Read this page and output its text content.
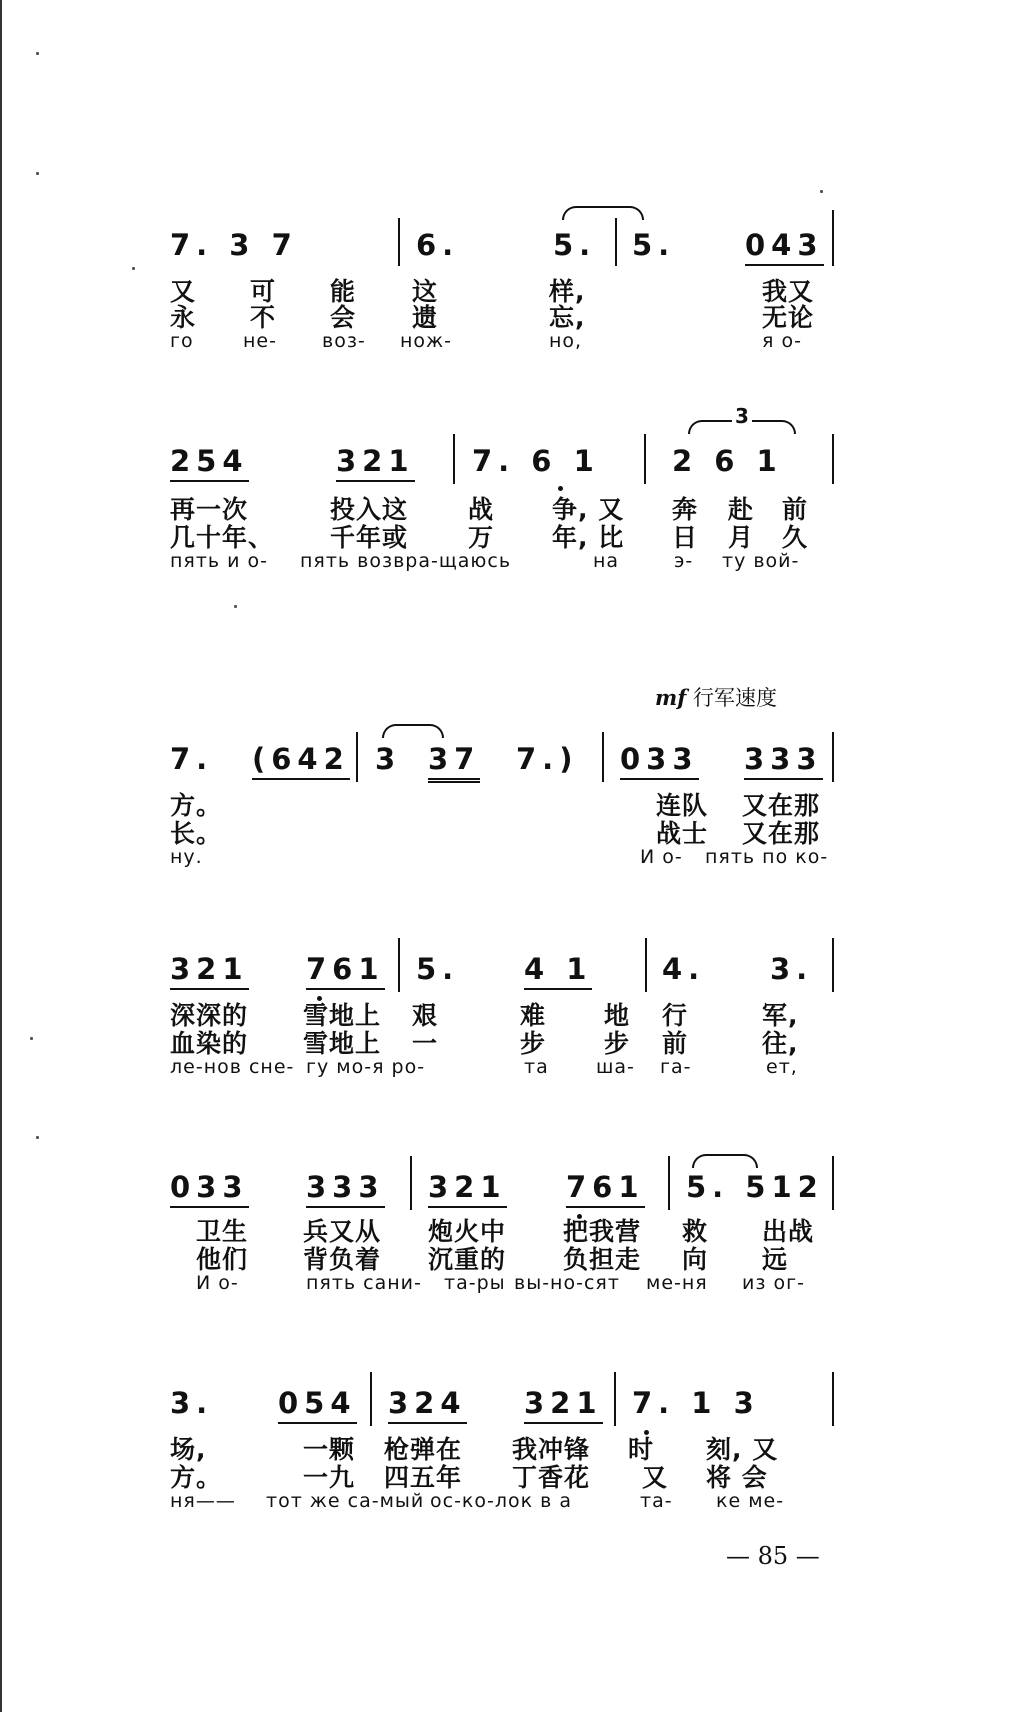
7. 3 7	6.	5. 5. 043
又 可 能 这	样,	我又
永 不 会 遗	忘,	无论
го	не- воз- нож-	но,	я о-
3
254	321 7. 6 1 2 6 1
再一次	投入这 战 争, 又 奔 赴 前
几十年、 千年或 万 年, 比 日 月 久
пять и о- пять возвра-щаюсь	на	э- ту вой-
mf 行军速度
7. (642 3 37 7.) 033 333
方。	连队 又在那
长。	战士 又在那
ну.	И о- пять по ко-
321 761 5. 4 1 4. 3.
深深的 雪地上 艰	难 地 行	军,
血染的 雪地上 一	步 步 前	往,
ле-нов сне- гу мо-я ро-	та ша- га-	ет,
033 333 321 761 5. 512
卫生 兵又从 炮火中 把我营 救 出战
他们 背负着 沉重的 负担走 向 远
И о-	пять сани- та-ры вы-но-сят ме-ня из ог-
3. 054 324 321 7. 1 3
场,	一颗 枪弹在 我冲锋 时 刻, 又
方。	一九 四五年 丁香花 又 将 会
ня—— тот же са-мый ос-ко-лок в а	та- ке ме-
— 85 —
